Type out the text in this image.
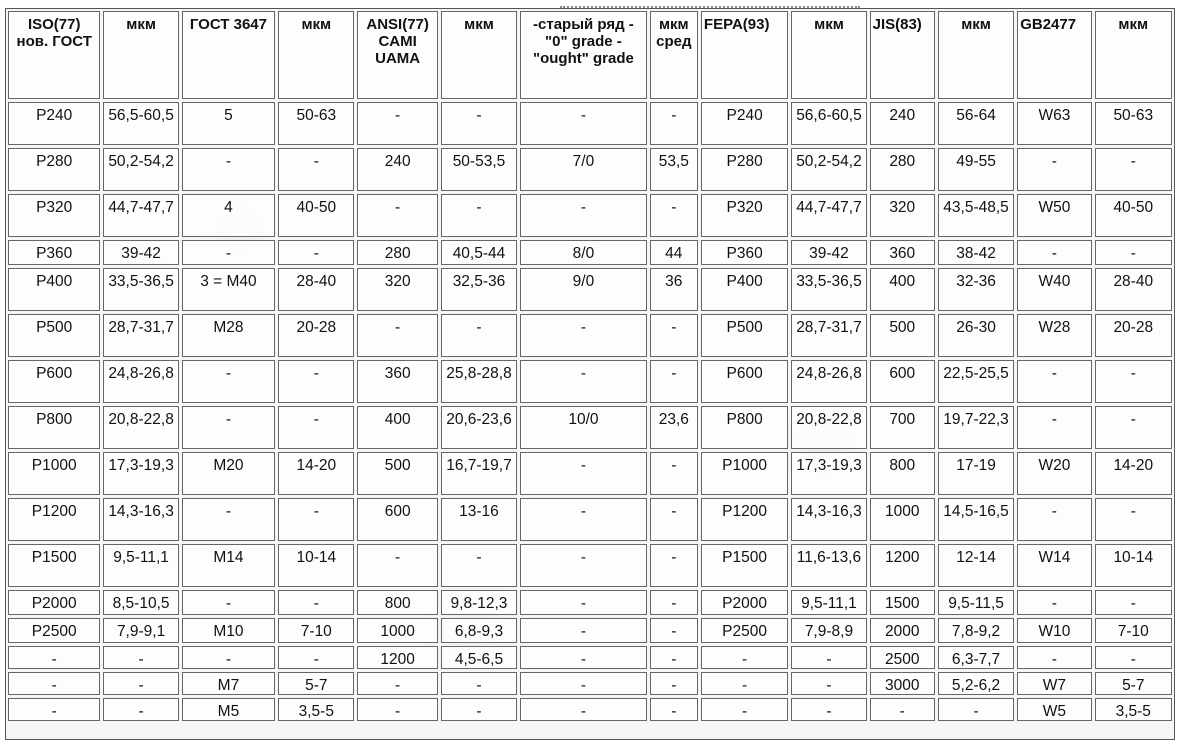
ISO(77) нов. ГОСТ	мкм	ГОСТ 3647	мкм	ANSI(77) CAMI UAMA	мкм	-старый ряд -"0" grade -"ought" grade	мкм сред	FEPA(93)	мкм	JIS(83)	мкм	GB2477	мкм
P240	56,5-60,5	5	50-63	-	-	-	-	P240	56,6-60,5	240	56-64	W63	50-63
P280	50,2-54,2	-	-	240	50-53,5	7/0	53,5	P280	50,2-54,2	280	49-55	-	-
P320	44,7-47,7	4	40-50	-	-	-	-	P320	44,7-47,7	320	43,5-48,5	W50	40-50
P360	39-42	-	-	280	40,5-44	8/0	44	P360	39-42	360	38-42	-	-
P400	33,5-36,5	3 = M40	28-40	320	32,5-36	9/0	36	P400	33,5-36,5	400	32-36	W40	28-40
P500	28,7-31,7	M28	20-28	-	-	-	-	P500	28,7-31,7	500	26-30	W28	20-28
P600	24,8-26,8	-	-	360	25,8-28,8	-	-	P600	24,8-26,8	600	22,5-25,5	-	-
P800	20,8-22,8	-	-	400	20,6-23,6	10/0	23,6	P800	20,8-22,8	700	19,7-22,3	-	-
P1000	17,3-19,3	M20	14-20	500	16,7-19,7	-	-	P1000	17,3-19,3	800	17-19	W20	14-20
P1200	14,3-16,3	-	-	600	13-16	-	-	P1200	14,3-16,3	1000	14,5-16,5	-	-
P1500	9,5-11,1	M14	10-14	-	-	-	-	P1500	11,6-13,6	1200	12-14	W14	10-14
P2000	8,5-10,5	-	-	800	9,8-12,3	-	-	P2000	9,5-11,1	1500	9,5-11,5	-	-
P2500	7,9-9,1	M10	7-10	1000	6,8-9,3	-	-	P2500	7,9-8,9	2000	7,8-9,2	W10	7-10
-	-	-	-	1200	4,5-6,5	-	-	-	-	2500	6,3-7,7	-	-
-	-	M7	5-7	-	-	-	-	-	-	3000	5,2-6,2	W7	5-7
-	-	M5	3,5-5	-	-	-	-	-	-	-	-	W5	3,5-5
